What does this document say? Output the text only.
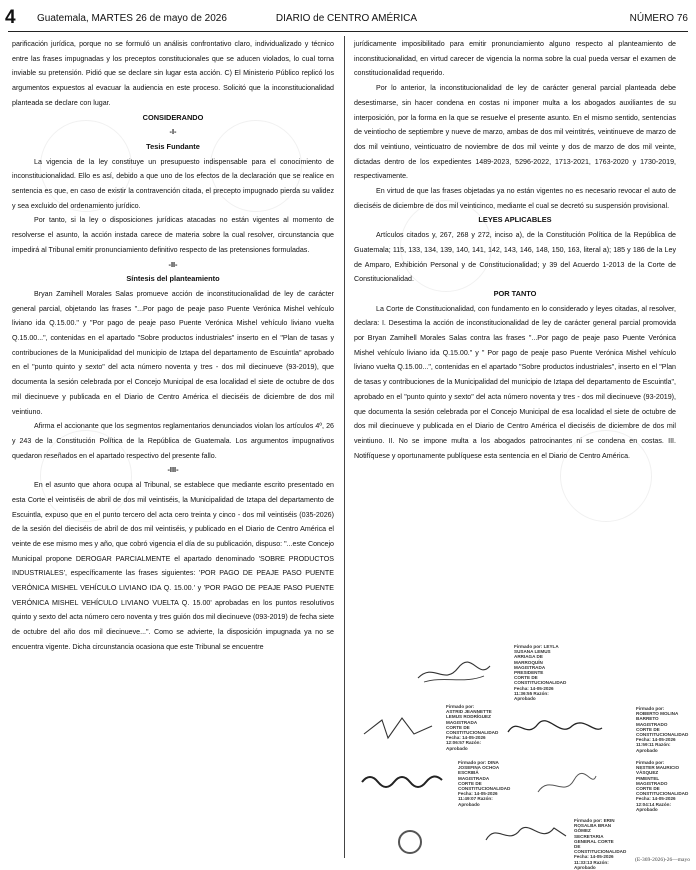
4 Guatemala, MARTES 26 de mayo de 2026	DIARIO de CENTRO AMÉRICA	NÚMERO 76

parificación jurídica, porque no se formuló un análisis confrontativo claro, individualizado y técnico entre las frases impugnadas y los preceptos constitucionales que se aducen violados, lo cual torna inviable su pretensión. Pidió que se declare sin lugar esta acción. C) El Ministerio Público replicó los argumentos expuestos al evacuar la audiencia en este proceso. Solicitó que la inconstitucionalidad planteada se declare con lugar.

CONSIDERANDO

-I-

Tesis Fundante

La vigencia de la ley constituye un presupuesto indispensable para el conocimiento de inconstitucionalidad. Ello es así, debido a que uno de los efectos de la declaración que se realice en sentencia es que, en caso de existir la contravención citada, el precepto impugnado pierda su validez y sea excluido del ordenamiento jurídico.

Por tanto, si la ley o disposiciones jurídicas atacadas no están vigentes al momento de resolverse el asunto, la acción instada carece de materia sobre la cual resolver, circunstancia que impedirá al Tribunal emitir pronunciamiento definitivo respecto de las pretensiones formuladas.

-II-

Síntesis del planteamiento

Bryan Zamihell Morales Salas promueve acción de inconstitucionalidad de ley de carácter general parcial, objetando las frases "...Por pago de peaje paso Puente Verónica Mishel vehículo liviano ida Q.15.00." y "Por pago de peaje paso Puente Verónica Mishel vehículo liviano vuelta Q.15.00...", contenidas en el apartado "Sobre productos industriales" inserto en el "Plan de tasas y contribuciones de la Municipalidad del municipio de Iztapa del departamento de Escuintla" aprobado en el "punto quinto y sexto" del acta número noventa y tres - dos mil diecinueve (93-2019), que documenta la sesión celebrada por el Concejo Municipal de esa localidad el siete de octubre de dos mil diecinueve y publicada en el Diario de Centro América el dieciséis de diciembre de dos mil veintiuno.

Afirma el accionante que los segmentos reglamentarios denunciados violan los artículos 4º, 26 y 243 de la Constitución Política de la República de Guatemala. Los argumentos impugnativos quedaron reseñados en el apartado respectivo del presente fallo.

-III-

En el asunto que ahora ocupa al Tribunal, se establece que mediante escrito presentado en esta Corte el veintiséis de abril de dos mil veintiséis, la Municipalidad de Iztapa del departamento de Escuintla, expuso que en el punto tercero del acta cero treinta y cinco - dos mil veintiséis (035-2026) de la sesión del dieciséis de abril de dos mil veintiséis, y publicado en el Diario de Centro América el veinte de ese mismo mes y año, que cobró vigencia el día de su publicación, dispuso: "...este Concejo Municipal propone DEROGAR PARCIALMENTE el apartado denominado 'SOBRE PRODUCTOS INDUSTRIALES', específicamente las frases siguientes: 'POR PAGO DE PEAJE PASO PUENTE VERÓNICA MISHEL VEHÍCULO LIVIANO IDA Q. 15.00.' y 'POR PAGO DE PEAJE PASO PUENTE VERÓNICA MISHEL VEHÍCULO LIVIANO VUELTA Q. 15.00' aprobadas en los puntos resolutivos quinto y sexto del acta número cero noventa y tres guión dos mil diecinueve (093-2019) de fecha siete de octubre del año dos mil diecinueve...". Como se advierte, la disposición impugnada ya no se encuentra vigente. Dicha circunstancia ocasiona que este Tribunal se encuentre

jurídicamente imposibilitado para emitir pronunciamiento alguno respecto al planteamiento de inconstitucionalidad, en virtud carecer de vigencia la norma sobre la cual pueda versar el examen de constitucionalidad requerido.

Por lo anterior, la inconstitucionalidad de ley de carácter general parcial planteada debe desestimarse, sin hacer condena en costas ni imponer multa a los abogados auxiliantes de su interposición, por la forma en la que se resuelve el presente asunto. En el mismo sentido, sentencias de veintiocho de septiembre y nueve de marzo, ambas de dos mil veintitrés, veintinueve de marzo de dos mil veintiuno, veinticuatro de noviembre de dos mil veinte y dos de marzo de dos mil veinte, dictadas dentro de los expedientes 1489-2023, 5296-2022, 1713-2021, 1763-2020 y 1730-2019, respectivamente.

En virtud de que las frases objetadas ya no están vigentes no es necesario revocar el auto de dieciséis de diciembre de dos mil veinticinco, mediante el cual se decretó su suspensión provisional.

LEYES APLICABLES

Artículos citados y, 267, 268 y 272, inciso a), de la Constitución Política de la República de Guatemala; 115, 133, 134, 139, 140, 141, 142, 143, 146, 148, 150, 163, literal a); 185 y 186 de la Ley de Amparo, Exhibición Personal y de Constitucionalidad; y 39 del Acuerdo 1-2013 de la Corte de Constitucionalidad.

POR TANTO

La Corte de Constitucionalidad, con fundamento en lo considerado y leyes citadas, al resolver, declara: I. Desestima la acción de inconstitucionalidad de ley de carácter general parcial promovida por Bryan Zamihell Morales Salas contra las frases "...Por pago de peaje paso Puente Verónica Mishel vehículo liviano ida Q.15.00." y " Por pago de peaje paso Puente Verónica Mishel vehículo liviano vuelta Q.15.00...", contenidas en el apartado "Sobre productos industriales", inserto en el "Plan de tasas y contribuciones de la Municipalidad del municipio de Iztapa del departamento de Escuintla", aprobado en el "punto quinto y sexto" del acta número noventa y tres - dos mil diecinueve (93-2019), que documenta la sesión celebrada por el Concejo Municipal de esa localidad el siete de octubre de dos mil diecinueve y publicada en el Diario de Centro América el dieciséis de diciembre de dos mil veintiuno. II. No se impone multa a los abogados patrocinantes ni se condena en costas. III. Notifíquese y oportunamente publíquese esta sentencia en el Diario de Centro América.

Firmado por: LEYLA SUSANA LEMUS ARRIAGA DE MARROQUÍN MAGISTRADA PRESIDENTE CORTE DE CONSTITUCIONALIDAD Fecha: 14-05-2026 11:36:55 Razón: Aprobado
Firmado por: ASTRID JEANNETTE LEMUS RODRÍGUEZ MAGISTRADA CORTE DE CONSTITUCIONALIDAD Fecha: 14-05-2026 12:06:57 Razón: Aprobado
Firmado por: ROBERTO MOLINA BARRETO MAGISTRADO CORTE DE CONSTITUCIONALIDAD Fecha: 14-05-2026 11:59:11 Razón: Aprobado
Firmado por: DINA JOSEFINA OCHOA ESCRIBÁ MAGISTRADA CORTE DE CONSTITUCIONALIDAD Fecha: 14-05-2026 11:49:07 Razón: Aprobado
Firmado por: NESTER MAURICIO VÁSQUEZ PIMENTEL MAGISTRADO CORTE DE CONSTITUCIONALIDAD Fecha: 14-05-2026 12:04:14 Razón: Aprobado
Firmado por: ERIN ROSALBA BRAN GÓMEZ SECRETARIA GENERAL CORTE DE CONSTITUCIONALIDAD Fecha: 14-05-2026 11:33:13 Razón: Aprobado
(E-369-2026)-26—mayo
